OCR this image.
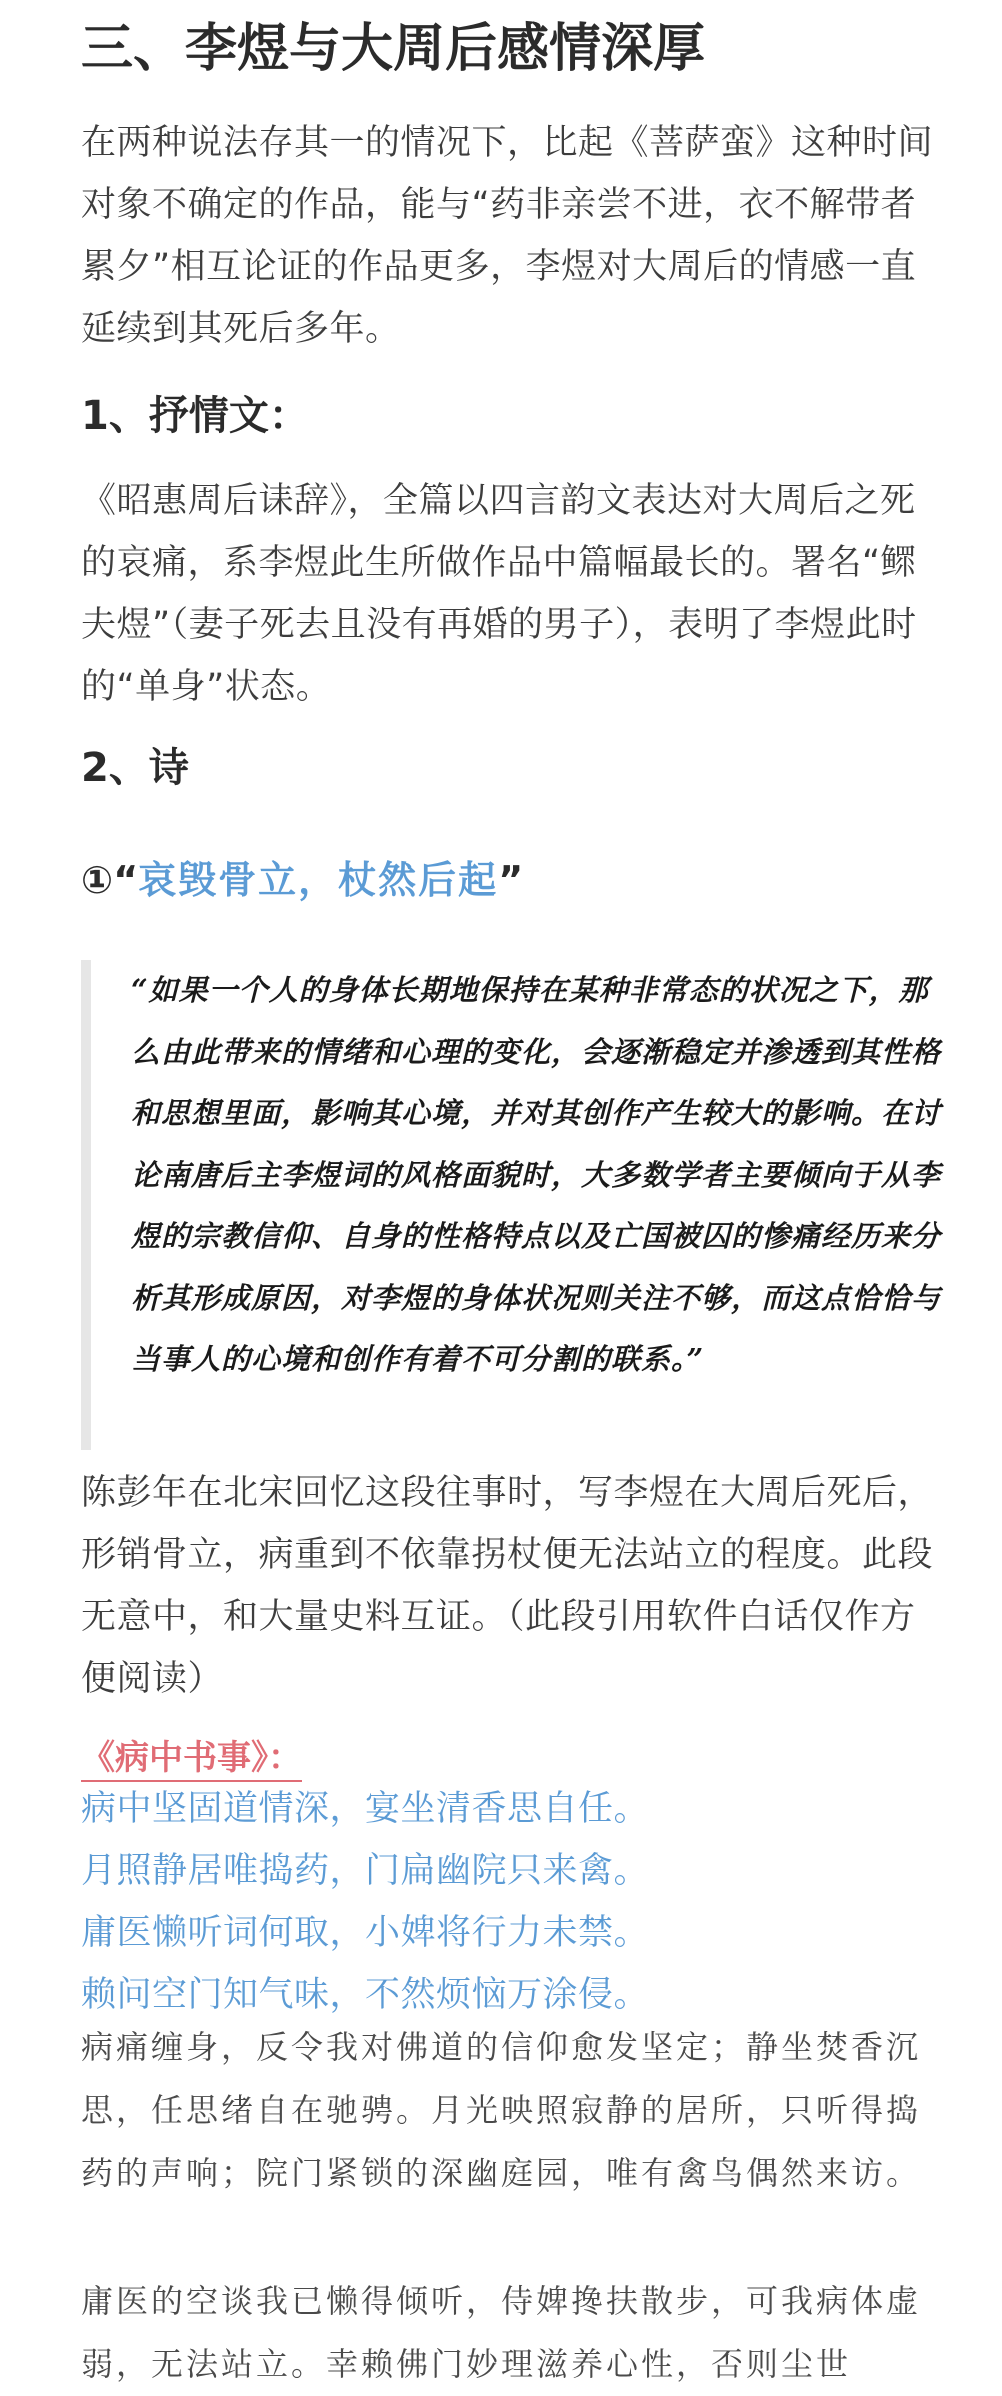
三、李煜与大周后感情深厚

在两种说法存其一的情况下，比起《菩萨蛮》这种时间对象不确定的作品，能与“药非亲尝不进，衣不解带者累夕”相互论证的作品更多，李煜对大周后的情感一直延续到其死后多年。

1、抒情文：

《昭惠周后诔辞》，全篇以四言韵文表达对大周后之死的哀痛，系李煜此生所做作品中篇幅最长的。署名“鳏夫煜”（妻子死去且没有再婚的男子），表明了李煜此时的“单身”状态。

2、诗
①“哀毁骨立，杖然后起”

“如果一个人的身体长期地保持在某种非常态的状况之下，那么由此带来的情绪和心理的变化，会逐渐稳定并渗透到其性格和思想里面，影响其心境，并对其创作产生较大的影响。在讨论南唐后主李煜词的风格面貌时，大多数学者主要倾向于从李煜的宗教信仰、自身的性格特点以及亡国被囚的惨痛经历来分析其形成原因，对李煜的身体状况则关注不够，而这点恰恰与当事人的心境和创作有着不可分割的联系。”

陈彭年在北宋回忆这段往事时，写李煜在大周后死后，形销骨立，病重到不依靠拐杖便无法站立的程度。此段无意中，和大量史料互证。（此段引用软件白话仅作方便阅读）

《病中书事》：
病中坚固道情深，宴坐清香思自任。
月照静居唯捣药，门扁幽院只来禽。
庸医懒听词何取，小婢将行力未禁。
赖问空门知气味，不然烦恼万涂侵。

病痛缠身，反令我对佛道的信仰愈发坚定；静坐焚香沉思，任思绪自在驰骋。月光映照寂静的居所，只听得捣药的声响；院门紧锁的深幽庭园，唯有禽鸟偶然来访。

庸医的空谈我已懒得倾听，侍婢搀扶散步，可我病体虚弱，无法站立。幸赖佛门妙理滋养心性，否则尘世
